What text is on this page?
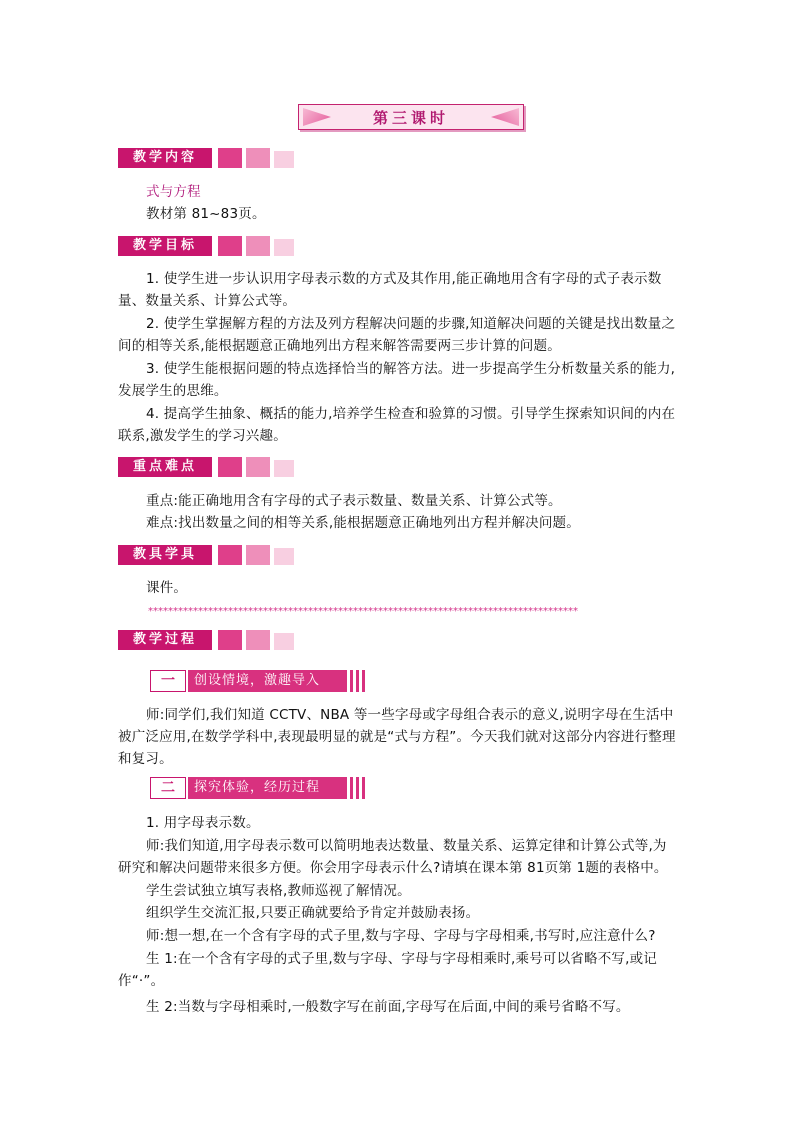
第三课时
教学内容

式与方程

教材第 81~83页。

教学目标

1. 使学生进一步认识用字母表示数的方式及其作用,能正确地用含有字母的式子表示数量、数量关系、计算公式等。

2. 使学生掌握解方程的方法及列方程解决问题的步骤,知道解决问题的关键是找出数量之间的相等关系,能根据题意正确地列出方程来解答需要两三步计算的问题。

3. 使学生能根据问题的特点选择恰当的解答方法。进一步提高学生分析数量关系的能力,发展学生的思维。

4. 提高学生抽象、概括的能力,培养学生检查和验算的习惯。引导学生探索知识间的内在联系,激发学生的学习兴趣。

重点难点

重点:能正确地用含有字母的式子表示数量、数量关系、计算公式等。

难点:找出数量之间的相等关系,能根据题意正确地列出方程并解决问题。

教具学具

课件。

**************************************************************************************
教学过程
一	创设情境，激趣导入

师:同学们,我们知道 CCTV、NBA 等一些字母或字母组合表示的意义,说明字母在生活中被广泛应用,在数学学科中,表现最明显的就是“式与方程”。今天我们就对这部分内容进行整理和复习。

二	探究体验，经历过程

1. 用字母表示数。

师:我们知道,用字母表示数可以简明地表达数量、数量关系、运算定律和计算公式等,为研究和解决问题带来很多方便。你会用字母表示什么?请填在课本第 81页第 1题的表格中。

学生尝试独立填写表格,教师巡视了解情况。

组织学生交流汇报,只要正确就要给予肯定并鼓励表扬。

师:想一想,在一个含有字母的式子里,数与字母、字母与字母相乘,书写时,应注意什么?

生 1:在一个含有字母的式子里,数与字母、字母与字母相乘时,乘号可以省略不写,或记作“·”。

生 2:当数与字母相乘时,一般数字写在前面,字母写在后面,中间的乘号省略不写。
